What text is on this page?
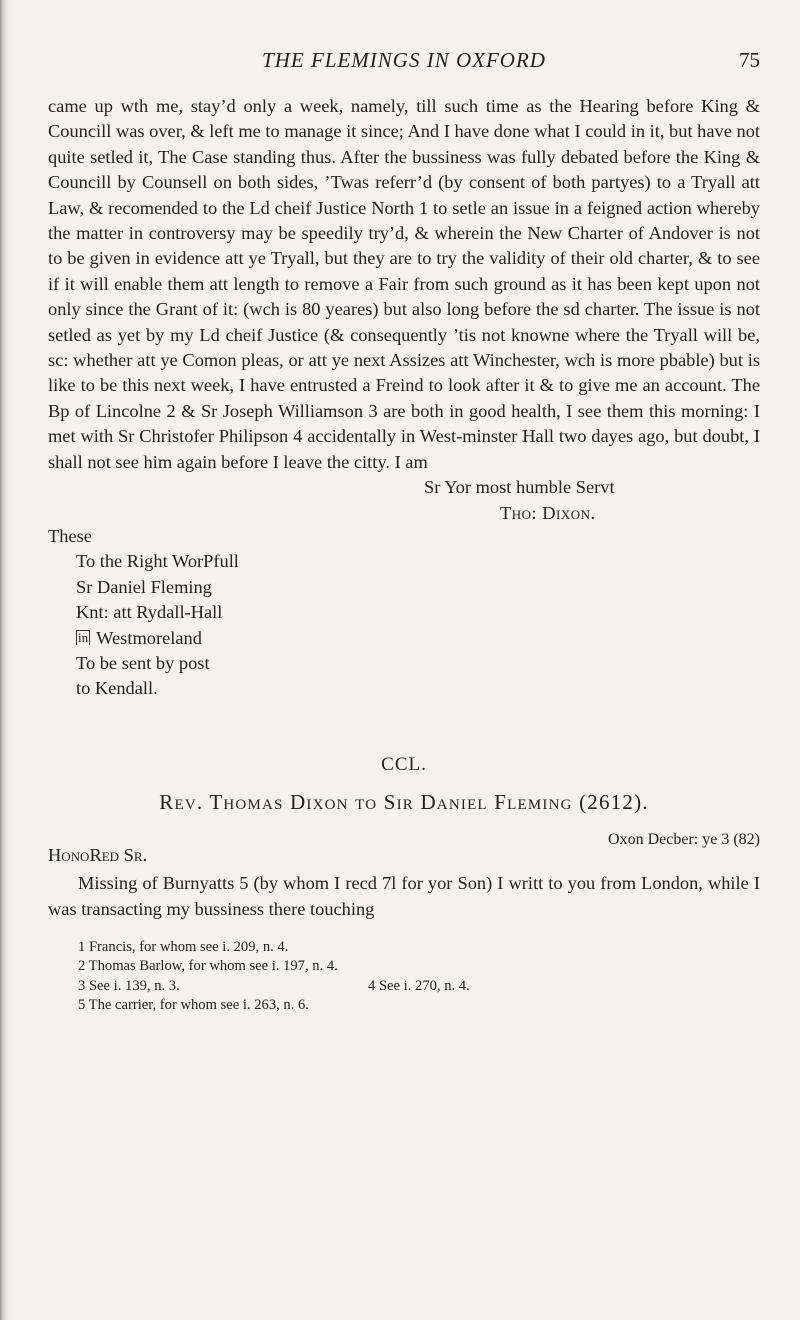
THE FLEMINGS IN OXFORD	75

came up wth me, stay’d only a week, namely, till such time as the Hearing before King & Councill was over, & left me to manage it since; And I have done what I could in it, but have not quite setled it, The Case standing thus. After the bussiness was fully debated before the King & Councill by Counsell on both sides, ’Twas referr’d (by consent of both partyes) to a Tryall att Law, & recomended to the Ld cheif Justice North 1 to setle an issue in a feigned action whereby the matter in controversy may be speedily try’d, & wherein the New Charter of Andover is not to be given in evidence att ye Tryall, but they are to try the validity of their old charter, & to see if it will enable them att length to remove a Fair from such ground as it has been kept upon not only since the Grant of it: (wch is 80 yeares) but also long before the sd charter. The issue is not setled as yet by my Ld cheif Justice (& consequently ’tis not knowne where the Tryall will be, sc: whether att ye Comon pleas, or att ye next Assizes att Winchester, wch is more pbable) but is like to be this next week, I have entrusted a Freind to look after it & to give me an account. The Bp of Lincolne 2 & Sr Joseph Williamson 3 are both in good health, I see them this morning: I met with Sr Christofer Philipson 4 accidentally in West-minster Hall two dayes ago, but doubt, I shall not see him again before I leave the citty. I am

Sr Yor most humble Servt
Tho: Dixon.
These
To the Right WorPfull
Sr Daniel Fleming
Knt: att Rydall-Hall
in Westmoreland
To be sent by post
to Kendall.
CCL.
Rev. Thomas Dixon to Sir Daniel Fleming (2612).
Oxon Decber: ye 3 (82)
HonoRed Sr.
Missing of Burnyatts 5 (by whom I recd 7l for yor Son) I writt to you from London, while I was transacting my bussiness there touching
1 Francis, for whom see i. 209, n. 4.
2 Thomas Barlow, for whom see i. 197, n. 4.
3 See i. 139, n. 3.	4 See i. 270, n. 4.
5 The carrier, for whom see i. 263, n. 6.
